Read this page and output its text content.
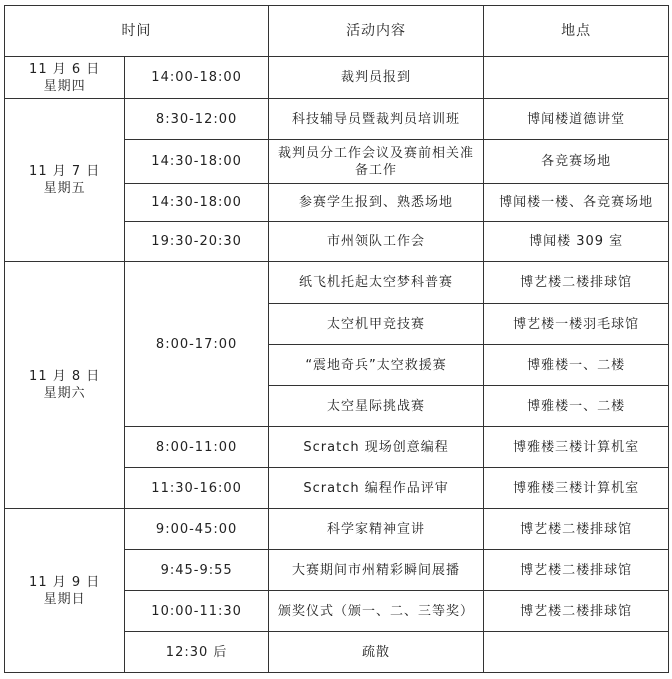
时间		活动内容	地点

11 月 6 日
星期四	14:00-18:00	裁判员报到	

11 月 7 日
星期五	8:30-12:00	科技辅导员暨裁判员培训班	博闻楼道德讲堂
	14:30-18:00	裁判员分工作会议及赛前相关准备工作	各竞赛场地
	14:30-18:00	参赛学生报到、熟悉场地	博闻楼一楼、各竞赛场地
	19:30-20:30	市州领队工作会	博闻楼 309 室

11 月 8 日
星期六	8:00-17:00	纸飞机托起太空梦科普赛	博艺楼二楼排球馆
		太空机甲竞技赛	博艺楼一楼羽毛球馆
		“震地奇兵”太空救援赛	博雅楼一、二楼
		太空星际挑战赛	博雅楼一、二楼
	8:00-11:00	Scratch 现场创意编程	博雅楼三楼计算机室
	11:30-16:00	Scratch 编程作品评审	博雅楼三楼计算机室

11 月 9 日
星期日	9:00-45:00	科学家精神宣讲	博艺楼二楼排球馆
	9:45-9:55	大赛期间市州精彩瞬间展播	博艺楼二楼排球馆
	10:00-11:30	颁奖仪式（颁一、二、三等奖）	博艺楼二楼排球馆
	12:30 后	疏散	
